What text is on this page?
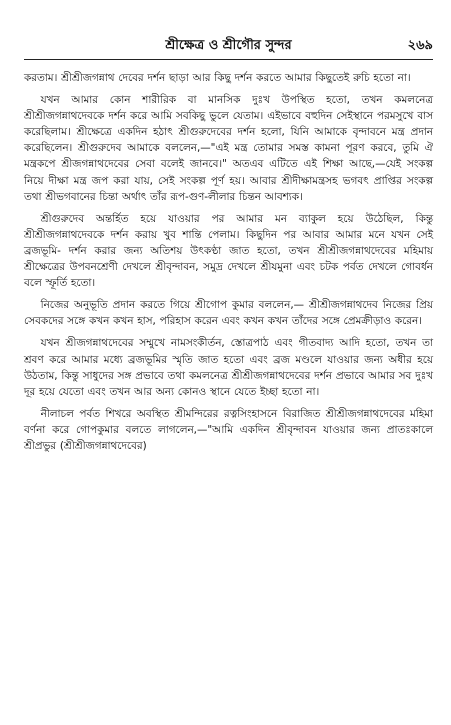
শ্রীক্ষেত্র ও শ্রীগৌর সুন্দর	২৬৯

করতাম। শ্রীশ্রীজগন্নাথ দেবের দর্শন ছাড়া আর কিছু দর্শন করতে আমার কিছুতেই রুচি হতো না।

যখন আমার কোন শারীরিক বা মানসিক দুঃখ উপস্থিত হতো, তখন কমলনেত্র শ্রীশ্রীজগন্নাথদেবকে দর্শন করে আমি সবকিছু ভুলে যেতাম। এইভাবে বহুদিন সেইস্থানে পরমসুখে বাস করেছিলাম। শ্রীক্ষেত্রে একদিন হঠাৎ শ্রীগুরুদেবের দর্শন হলো, যিনি আমাকে বৃন্দাবনে মন্ত্র প্রদান করেছিলেন। শ্রীগুরুদেব আমাকে বললেন,—"এই মন্ত্র তোমার সমস্ত কামনা পূরণ করবে, তুমি ঐ মন্ত্রকপে শ্রীজগন্নাথদেবের সেবা বলেই জানবে।" অতএব এটিতে এই শিক্ষা আছে,—যেই সংকল্প নিয়ে দীক্ষা মন্ত্র জপ করা যায়, সেই সংকল্প পূর্ণ হয়। আবার শ্রীদীক্ষামন্ত্রসহ ভগবৎ প্রাপ্তির সংকল্প তথা শ্রীভগবানের চিন্তা অর্থাৎ তাঁর রূপ-গুণ-লীলার চিন্তন আবশ্যক।

শ্রীগুরুদেব অন্তর্হিত হয়ে যাওয়ার পর আমার মন ব্যাকুল হয়ে উঠেছিল, কিন্তু শ্রীশ্রীজগন্নাথদেবকে দর্শন করায় খুব শান্তি পেলাম। কিছুদিন পর আবার আমার মনে যখন সেই ব্রজভূমি- দর্শন করার জন্য অতিশয় উৎকণ্ঠা জাত হতো, তখন শ্রীশ্রীজগন্নাথদেবের মহিমায় শ্রীক্ষেত্রের উপবনশ্রেণী দেখলে শ্রীবৃন্দাবন, সমুদ্র দেখলে শ্রীযমুনা এবং চটক পর্বত দেখলে গোবর্ধন বলে স্ফূর্তি হতো।

নিজের অনুভূতি প্রদান করতে গিয়ে শ্রীগোপ কুমার বললেন,— শ্রীশ্রীজগন্নাথদেব নিজের প্রিয় সেবকদের সঙ্গে কখন কখন হাস, পরিহাস করেন এবং কখন কখন তাঁদের সঙ্গে প্রেমক্রীড়াও করেন।

যখন শ্রীজগন্নাথদেবের সম্মুখে নামসংকীর্তন, স্তোত্রপাঠ এবং গীতবাদ্য আদি হতো, তখন তা শ্রবণ করে আমার মধ্যে ব্রজভূমির স্মৃতি জাত হতো এবং ব্রজ মণ্ডলে যাওয়ার জন্য অধীর হয়ে উঠতাম, কিন্তু সাধুদের সঙ্গ প্রভাবে তথা কমলনেত্র শ্রীশ্রীজগন্নাথদেবের দর্শন প্রভাবে আমার সব দুঃখ দূর হয়ে যেতো এবং তখন আর অন্য কোনও স্থানে যেতে ইচ্ছা হতো না।

নীলাচল পর্বত শিখরে অবস্থিত শ্রীমন্দিরের রত্নসিংহাসনে বিরাজিত শ্রীশ্রীজগন্নাথদেবের মহিমা বর্ণনা করে গোপকুমার বলতে লাগলেন,—"আমি একদিন শ্রীবৃন্দাবন যাওয়ার জন্য প্রাতঃকালে শ্রীপ্রভুর (শ্রীশ্রীজগন্নাথদেবের)
